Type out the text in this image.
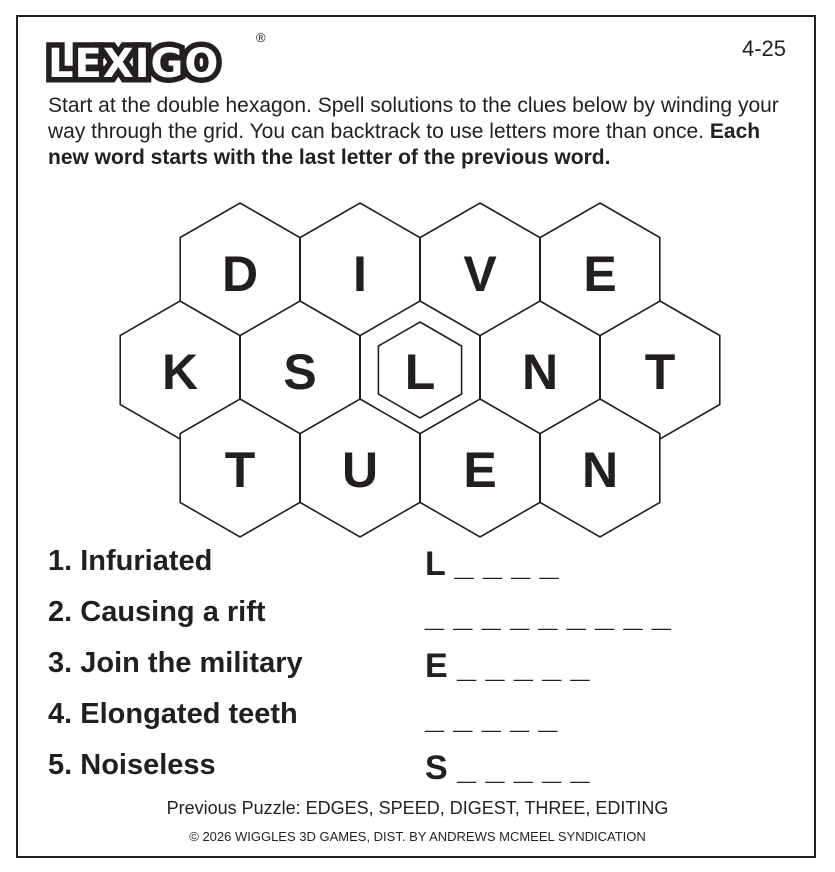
LEXIGO
®	4-25
Start at the double hexagon. Spell solutions to the clues below by winding your way through the grid. You can backtrack to use letters more than once. Each new word starts with the last letter of the previous word.
D I V E
K S L N T
T U E N
1. Infuriated	L _ _ _ _
2. Causing a rift	_ _ _ _ _ _ _ _ _
3. Join the military	E _ _ _ _ _
4. Elongated teeth	_ _ _ _ _
5. Noiseless	S _ _ _ _ _
Previous Puzzle: EDGES, SPEED, DIGEST, THREE, EDITING
© 2026 WIGGLES 3D GAMES, DIST. BY ANDREWS MCMEEL SYNDICATION
